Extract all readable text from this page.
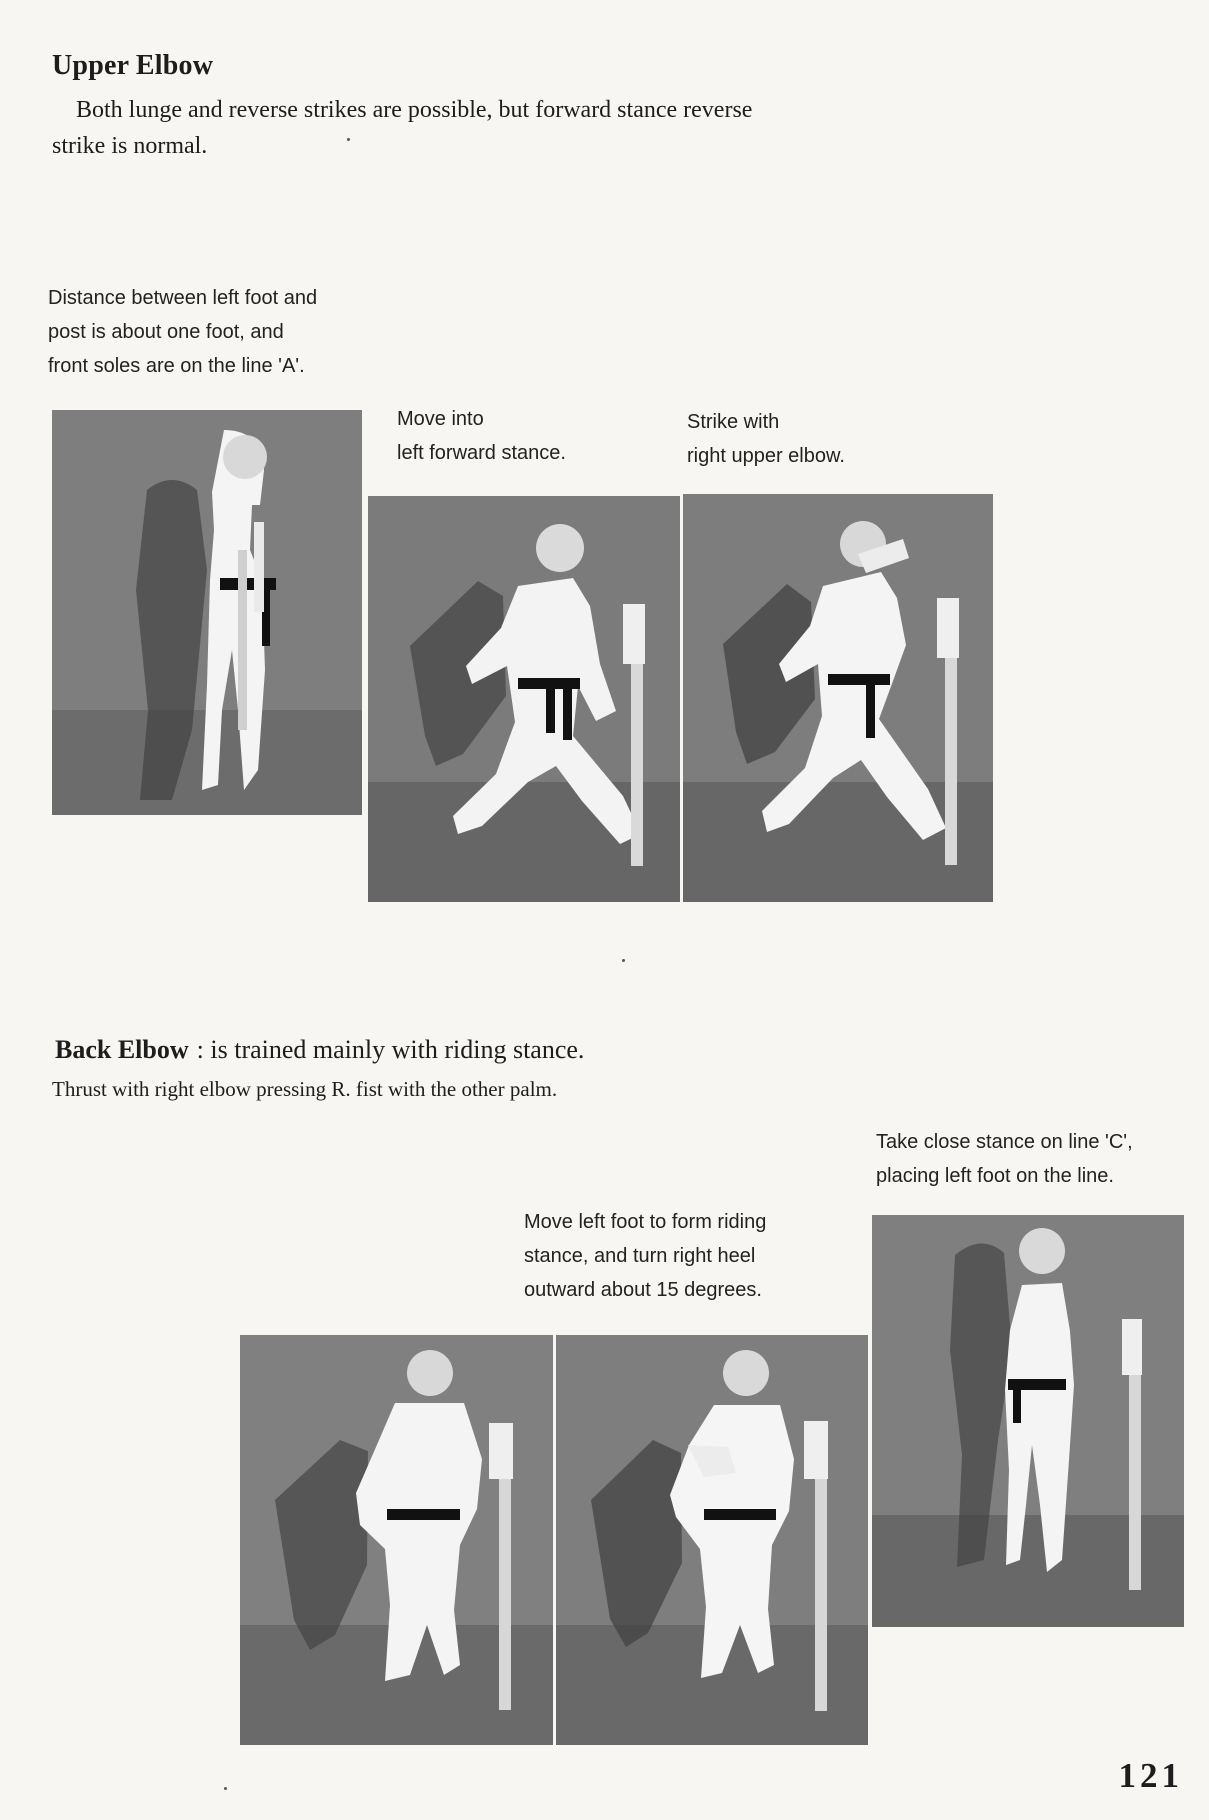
Upper Elbow
Both lunge and reverse strikes are possible, but forward stance reverse
strike is normal.
Distance between left foot and
post is about one foot, and
front soles are on the line 'A'.
Move into
left forward stance.
Strike with
right upper elbow.
Back Elbow : is trained mainly with riding stance.
Thrust with right elbow pressing R. fist with the other palm.
Take close stance on line 'C',
placing left foot on the line.
Move left foot to form riding
stance, and turn right heel
outward about 15 degrees.
121
